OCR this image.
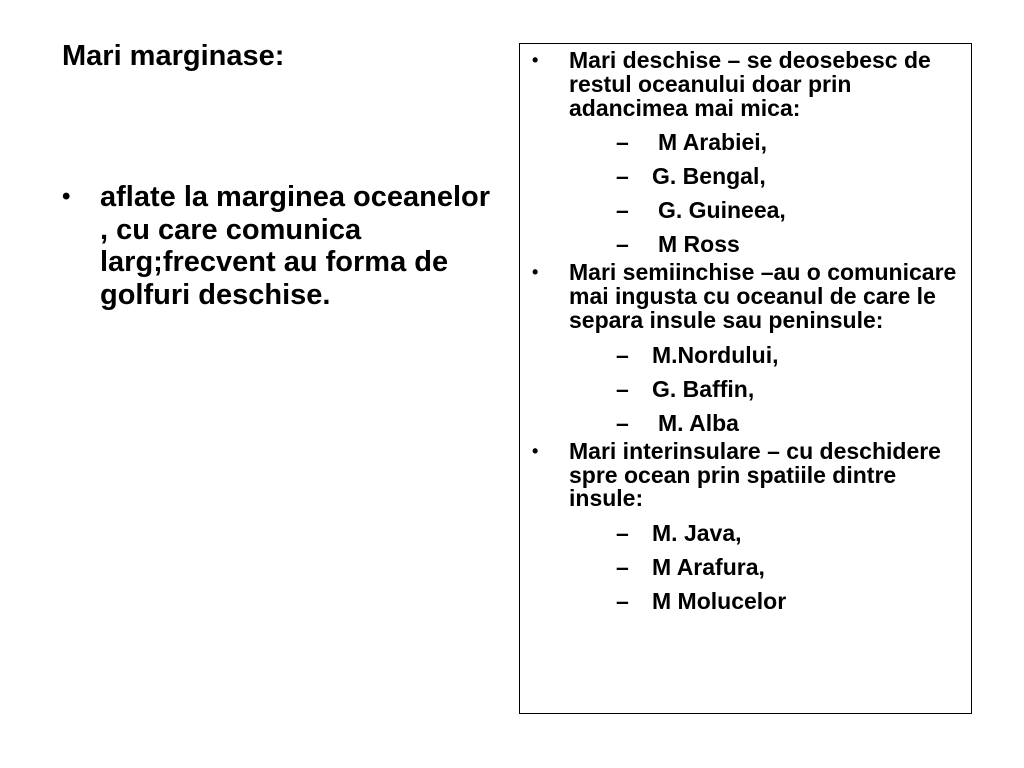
Mari marginase:
• aflate la marginea oceanelor , cu care comunica larg;frecvent au forma de golfuri deschise.
• Mari deschise – se deosebesc de restul oceanului doar prin adancimea mai mica:
– M Arabiei,
– G. Bengal,
– G. Guineea,
– M Ross
• Mari semiinchise –au o comunicare mai ingusta cu oceanul de care le separa insule sau peninsule:
– M.Nordului,
– G. Baffin,
– M. Alba
• Mari interinsulare – cu deschidere spre ocean prin spatiile dintre insule:
– M. Java,
– M Arafura,
– M Molucelor
